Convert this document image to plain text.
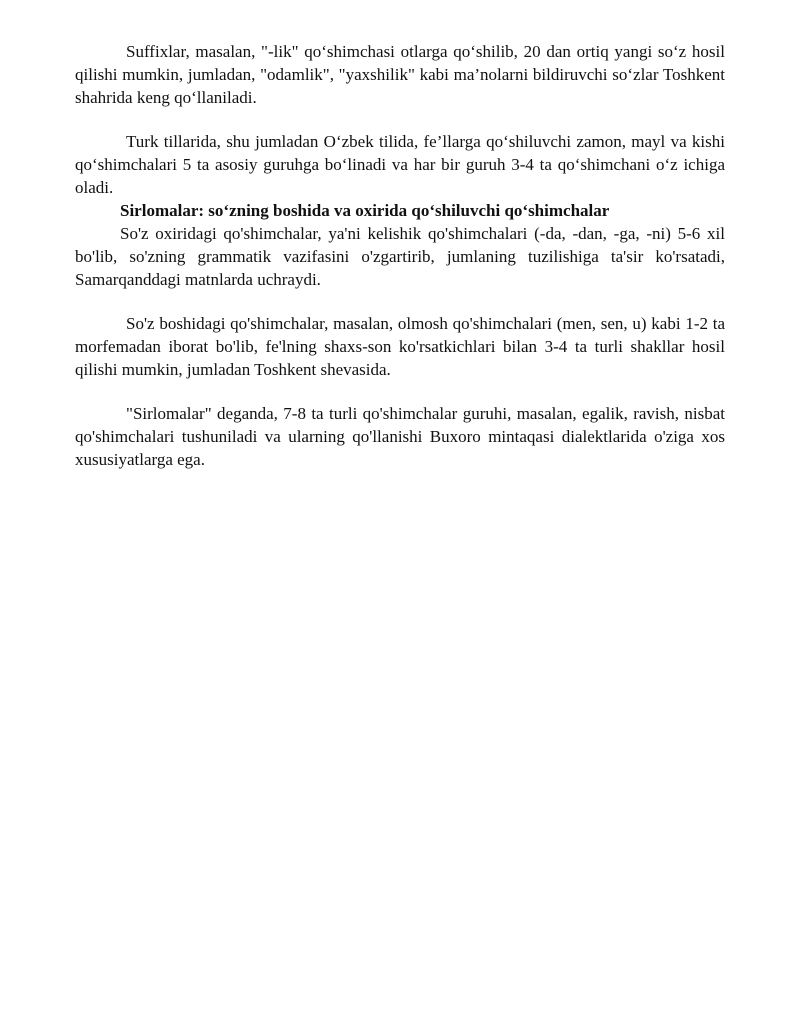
Suffixlar, masalan, "-lik" qo‘shimchasi otlarga qo‘shilib, 20 dan ortiq yangi so‘z hosil qilishi mumkin, jumladan, "odamlik", "yaxshilik" kabi ma’nolarni bildiruvchi so‘zlar Toshkent shahrida keng qo‘llaniladi.

Turk tillarida, shu jumladan O‘zbek tilida, fe’llarga qo‘shiluvchi zamon, mayl va kishi qo‘shimchalari 5 ta asosiy guruhga bo‘linadi va har bir guruh 3-4 ta qo‘shimchani o‘z ichiga oladi.

Sirlomalar: so‘zning boshida va oxirida qo‘shiluvchi qo‘shimchalar

So'z oxiridagi qo'shimchalar, ya'ni kelishik qo'shimchalari (-da, -dan, -ga, -ni) 5-6 xil bo'lib, so'zning grammatik vazifasini o'zgartirib, jumlaning tuzilishiga ta'sir ko'rsatadi, Samarqanddagi matnlarda uchraydi.

So'z boshidagi qo'shimchalar, masalan, olmosh qo'shimchalari (men, sen, u) kabi 1-2 ta morfemadan iborat bo'lib, fe'lning shaxs-son ko'rsatkichlari bilan 3-4 ta turli shakllar hosil qilishi mumkin, jumladan Toshkent shevasida.

"Sirlomalar" deganda, 7-8 ta turli qo'shimchalar guruhi, masalan, egalik, ravish, nisbat qo'shimchalari tushuniladi va ularning qo'llanishi Buxoro mintaqasi dialektlarida o'ziga xos xususiyatlarga ega.
